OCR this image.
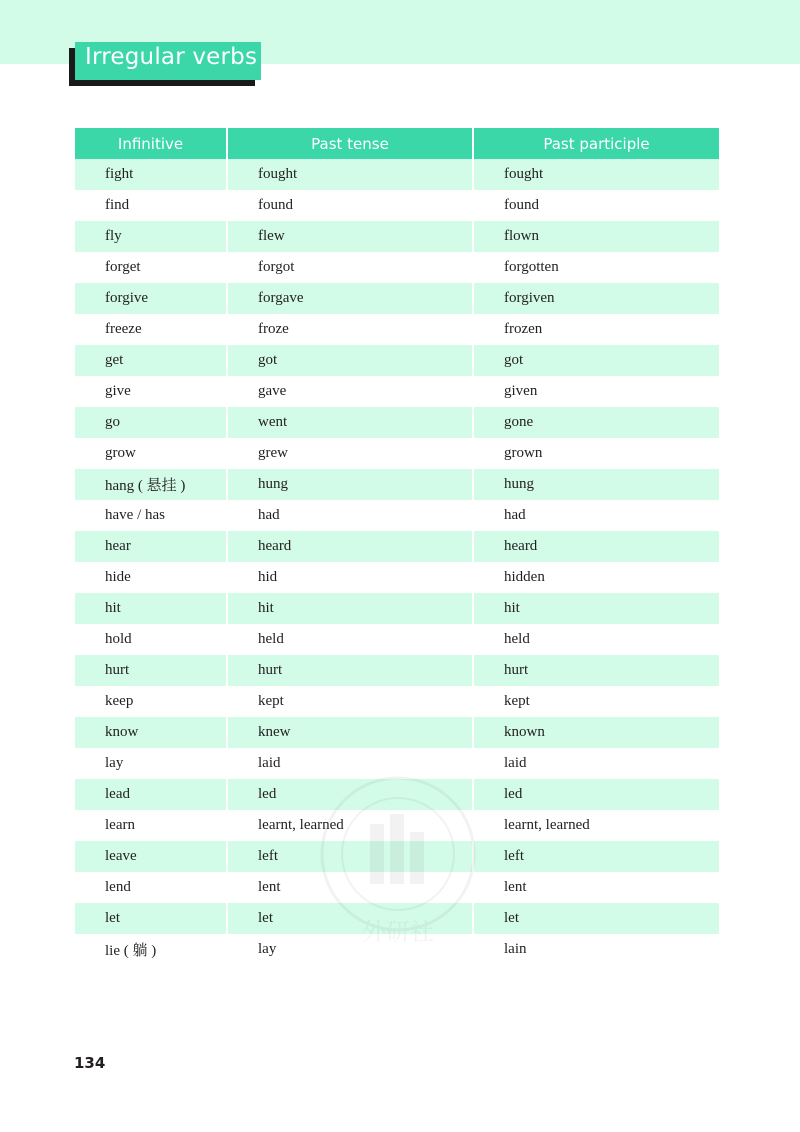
Irregular verbs
Infinitive	Past tense	Past participle
fight	fought	fought
find	found	found
fly	flew	flown
forget	forgot	forgotten
forgive	forgave	forgiven
freeze	froze	frozen
get	got	got
give	gave	given
go	went	gone
grow	grew	grown
hang ( 悬挂 )	hung	hung
have / has	had	had
hear	heard	heard
hide	hid	hidden
hit	hit	hit
hold	held	held
hurt	hurt	hurt
keep	kept	kept
know	knew	known
lay	laid	laid
lead	led	led
learn	learnt, learned	learnt, learned
leave	left	left
lend	lent	lent
let	let	let
lie ( 躺 )	lay	lain
外研社
134
